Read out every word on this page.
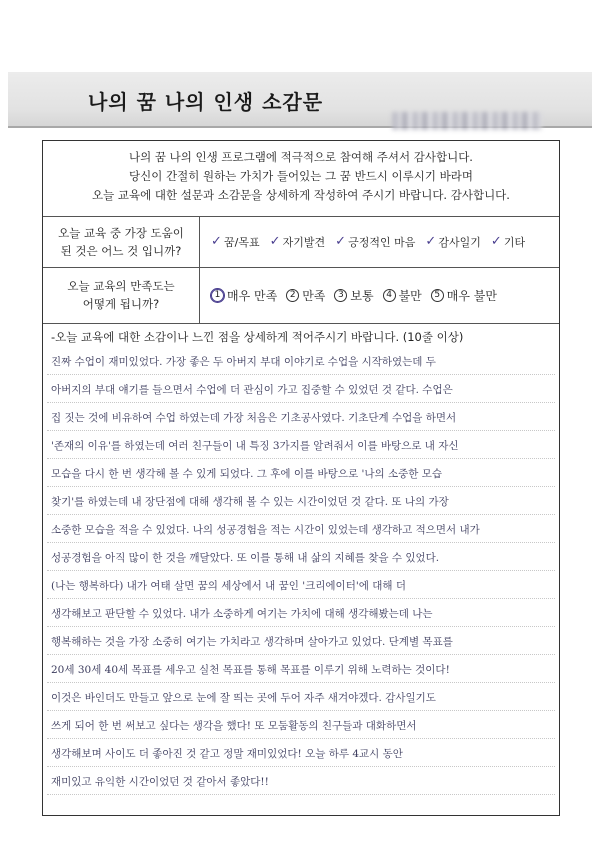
나의 꿈 나의 인생 소감문
나의 꿈 나의 인생 프로그램에 적극적으로 참여해 주셔서 감사합니다.
당신이 간절히 원하는 가치가 들어있는 그 꿈 반드시 이루시기 바라며
오늘 교육에 대한 설문과 소감문을 상세하게 작성하여 주시기 바랍니다. 감사합니다.
오늘 교육 중 가장 도움이
된 것은 어느 것 입니까?
✓ 꿈/목표 ✓ 자기발견 ✓ 긍정적인 마음 ✓ 감사일기 ✓ 기타
오늘 교육의 만족도는
어떻게 됩니까?
1 매우 만족	2 만족	3 보통	4 불만	5 매우 불만
-오늘 교육에 대한 소감이나 느낀 점을 상세하게 적어주시기 바랍니다. (10줄 이상)
진짜 수업이 재미있었다. 가장 좋은 두 아버지 부대 이야기로 수업을 시작하였는데 두
아버지의 부대 얘기를 들으면서 수업에 더 관심이 가고 집중할 수 있었던 것 같다. 수업은
집 짓는 것에 비유하여 수업 하였는데 가장 처음은 기초공사였다. 기초단계 수업을 하면서
'존재의 이유'를 하였는데 여러 친구들이 내 특징 3가지를 알려줘서 이를 바탕으로 내 자신
모습을 다시 한 번 생각해 볼 수 있게 되었다. 그 후에 이를 바탕으로 '나의 소중한 모습
찾기'를 하였는데 내 장단점에 대해 생각해 볼 수 있는 시간이었던 것 같다. 또 나의 가장
소중한 모습을 적을 수 있었다. 나의 성공경험을 적는 시간이 있었는데 생각하고 적으면서 내가
성공경험을 아직 많이 한 것을 깨달았다. 또 이를 통해 내 삶의 지혜를 찾을 수 있었다.
(나는 행복하다) 내가 여태 살면 꿈의 세상에서 내 꿈인 '크리에이터'에 대해 더
생각해보고 판단할 수 있었다. 내가 소중하게 여기는 가치에 대해 생각해봤는데 나는
행복해하는 것을 가장 소중히 여기는 가치라고 생각하며 살아가고 있었다. 단계별 목표를
20세 30세 40세 목표를 세우고 실천 목표를 통해 목표를 이루기 위해 노력하는 것이다!
이것은 바인더도 만들고 앞으로 눈에 잘 띄는 곳에 두어 자주 새겨야겠다. 감사일기도
쓰게 되어 한 번 써보고 싶다는 생각을 했다! 또 모둠활동의 친구들과 대화하면서
생각해보며 사이도 더 좋아진 것 같고 정말 재미있었다! 오늘 하루 4교시 동안
재미있고 유익한 시간이었던 것 같아서 좋았다!!
